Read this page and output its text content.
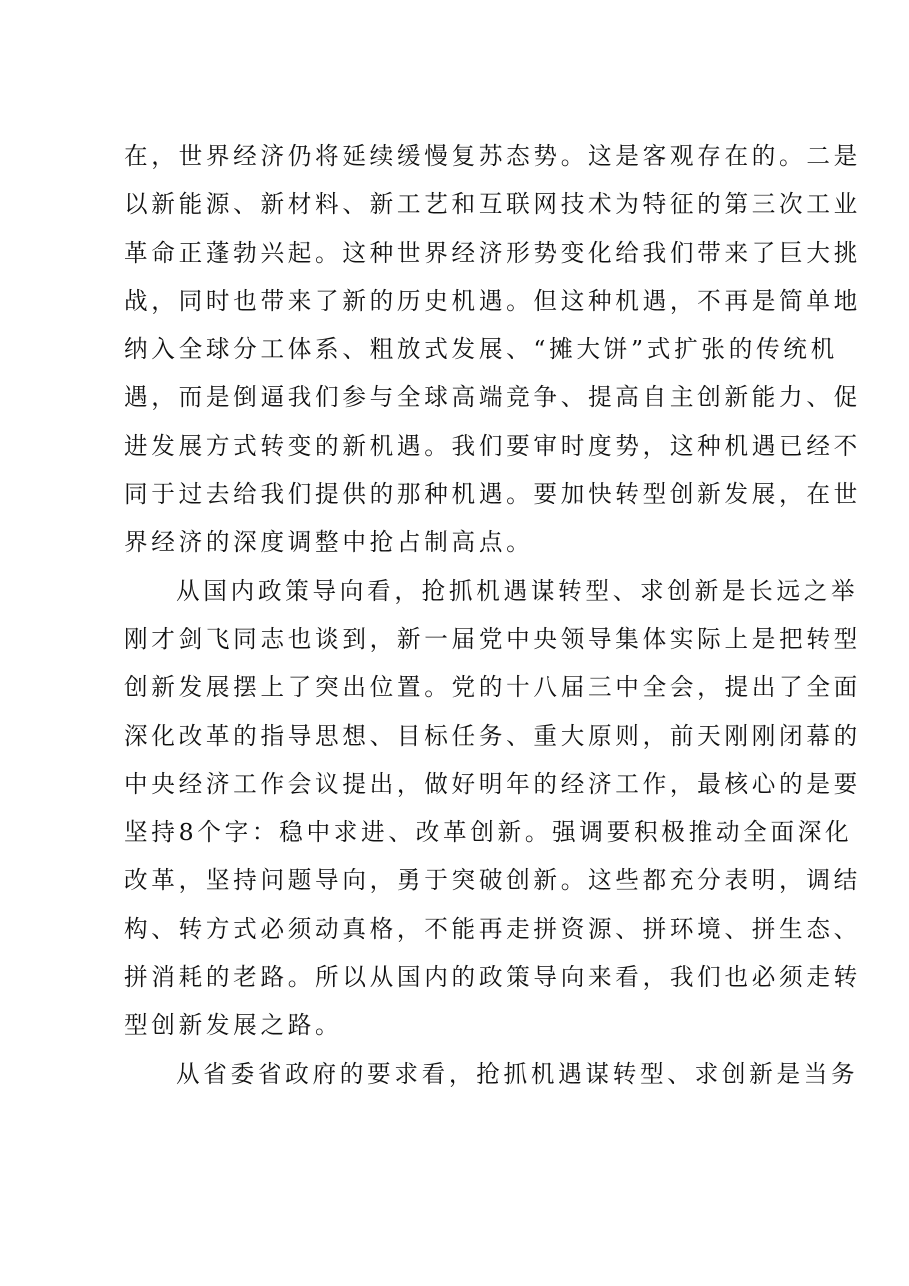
在，世界经济仍将延续缓慢复苏态势。这是客观存在的。二是
以新能源、新材料、新工艺和互联网技术为特征的第三次工业
革命正蓬勃兴起。这种世界经济形势变化给我们带来了巨大挑
战，同时也带来了新的历史机遇。但这种机遇，不再是简单地
纳入全球分工体系、粗放式发展、“摊大饼”式扩张的传统机
遇，而是倒逼我们参与全球高端竞争、提高自主创新能力、促
进发展方式转变的新机遇。我们要审时度势，这种机遇已经不
同于过去给我们提供的那种机遇。要加快转型创新发展，在世
界经济的深度调整中抢占制高点。
从国内政策导向看，抢抓机遇谋转型、求创新是长远之举
刚才剑飞同志也谈到，新一届党中央领导集体实际上是把转型
创新发展摆上了突出位置。党的十八届三中全会，提出了全面
深化改革的指导思想、目标任务、重大原则，前天刚刚闭幕的
中央经济工作会议提出，做好明年的经济工作，最核心的是要
坚持8个字：稳中求进、改革创新。强调要积极推动全面深化
改革，坚持问题导向，勇于突破创新。这些都充分表明，调结
构、转方式必须动真格，不能再走拼资源、拼环境、拼生态、
拼消耗的老路。所以从国内的政策导向来看，我们也必须走转
型创新发展之路。
从省委省政府的要求看，抢抓机遇谋转型、求创新是当务
